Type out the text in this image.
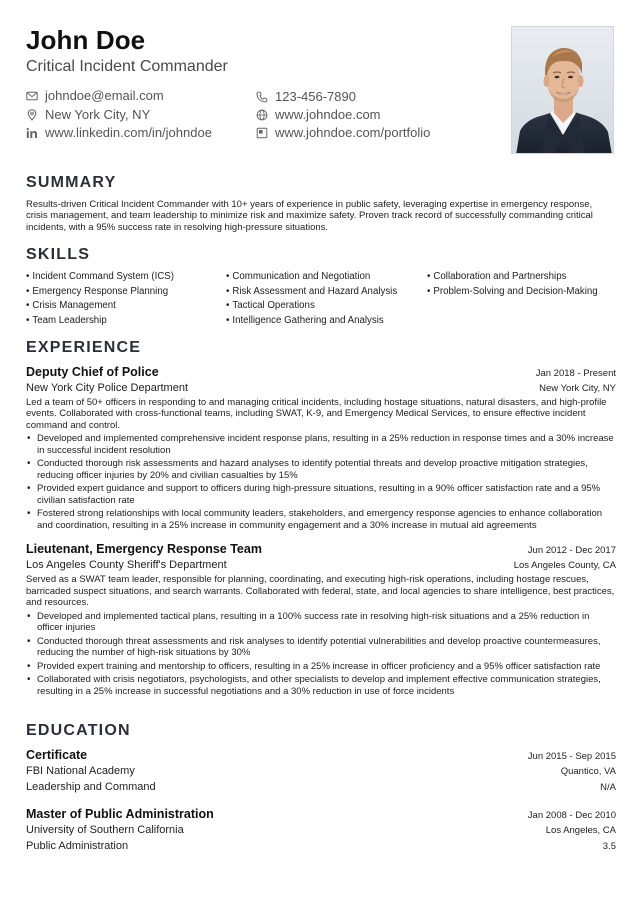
John Doe
Critical Incident Commander
johndoe@email.com	123-456-7890
New York City, NY	www.johndoe.com
www.linkedin.com/in/johndoe	www.johndoe.com/portfolio
SUMMARY

Results-driven Critical Incident Commander with 10+ years of experience in public safety, leveraging expertise in emergency response, crisis management, and team leadership to minimize risk and maximize safety. Proven track record of successfully commanding critical incidents, with a 95% success rate in resolving high-pressure situations.

SKILLS
• Incident Command System (ICS)
• Emergency Response Planning
• Crisis Management
• Team Leadership
• Communication and Negotiation
• Risk Assessment and Hazard Analysis
• Tactical Operations
• Intelligence Gathering and Analysis
• Collaboration and Partnerships
• Problem-Solving and Decision-Making
EXPERIENCE
Deputy Chief of Police	Jan 2018 - Present
New York City Police Department	New York City, NY

Led a team of 50+ officers in responding to and managing critical incidents, including hostage situations, natural disasters, and high-profile events. Collaborated with cross-functional teams, including SWAT, K-9, and Emergency Medical Services, to ensure effective incident command and control.

• Developed and implemented comprehensive incident response plans, resulting in a 25% reduction in response times and a 30% increase in successful incident resolution
• Conducted thorough risk assessments and hazard analyses to identify potential threats and develop proactive mitigation strategies, reducing officer injuries by 20% and civilian casualties by 15%
• Provided expert guidance and support to officers during high-pressure situations, resulting in a 90% officer satisfaction rate and a 95% civilian satisfaction rate
• Fostered strong relationships with local community leaders, stakeholders, and emergency response agencies to enhance collaboration and coordination, resulting in a 25% increase in community engagement and a 30% increase in mutual aid agreements
Lieutenant, Emergency Response Team	Jun 2012 - Dec 2017
Los Angeles County Sheriff's Department	Los Angeles County, CA

Served as a SWAT team leader, responsible for planning, coordinating, and executing high-risk operations, including hostage rescues, barricaded suspect situations, and search warrants. Collaborated with federal, state, and local agencies to share intelligence, best practices, and resources.

• Developed and implemented tactical plans, resulting in a 100% success rate in resolving high-risk situations and a 25% reduction in officer injuries
• Conducted thorough threat assessments and risk analyses to identify potential vulnerabilities and develop proactive countermeasures, reducing the number of high-risk situations by 30%
• Provided expert training and mentorship to officers, resulting in a 25% increase in officer proficiency and a 95% officer satisfaction rate
• Collaborated with crisis negotiators, psychologists, and other specialists to develop and implement effective communication strategies, resulting in a 25% increase in successful negotiations and a 30% reduction in use of force incidents
EDUCATION
Certificate	Jun 2015 - Sep 2015
FBI National Academy	Quantico, VA
Leadership and Command	N/A
Master of Public Administration	Jan 2008 - Dec 2010
University of Southern California	Los Angeles, CA
Public Administration	3.5
